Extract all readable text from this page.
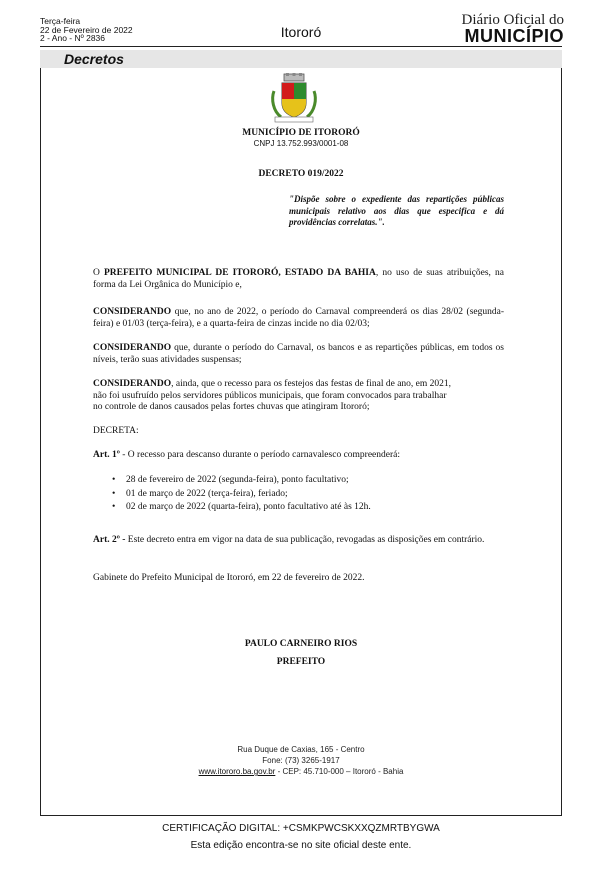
Terça-feira
22 de Fevereiro de 2022
2 - Ano - Nº 2836	Itororó
Diário Oficial do
MUNICÍPIO
Decretos
MUNICÍPIO DE ITORORÓ
CNPJ 13.752.993/0001-08
DECRETO 019/2022
"Dispõe sobre o expediente das repartições públicas municipais relativo aos dias que especifica e dá providências correlatas.".
O PREFEITO MUNICIPAL DE ITORORÓ, ESTADO DA BAHIA, no uso de suas atribuições, na forma da Lei Orgânica do Município e,
CONSIDERANDO que, no ano de 2022, o período do Carnaval compreenderá os dias 28/02 (segunda-feira) e 01/03 (terça-feira), e a quarta-feira de cinzas incide no dia 02/03;
CONSIDERANDO que, durante o período do Carnaval, os bancos e as repartições públicas, em todos os níveis, terão suas atividades suspensas;
CONSIDERANDO, ainda, que o recesso para os festejos das festas de final de ano, em 2021,
não foi usufruído pelos servidores públicos municipais, que foram convocados para trabalhar
no controle de danos causados pelas fortes chuvas que atingiram Itororó;
DECRETA:
Art. 1º - O recesso para descanso durante o período carnavalesco compreenderá:
• 28 de fevereiro de 2022 (segunda-feira), ponto facultativo;
• 01 de março de 2022 (terça-feira), feriado;
• 02 de março de 2022 (quarta-feira), ponto facultativo até às 12h.
Art. 2º - Este decreto entra em vigor na data de sua publicação, revogadas as disposições em contrário.
Gabinete do Prefeito Municipal de Itororó, em 22 de fevereiro de 2022.
PAULO CARNEIRO RIOS
PREFEITO
Rua Duque de Caxias, 165 - Centro
Fone: (73) 3265-1917
www.itororo.ba.gov.br - CEP: 45.710-000 – Itororó - Bahia
CERTIFICAÇÃO DIGITAL: +CSMKPWCSKXXQZMRTBYGWA
Esta edição encontra-se no site oficial deste ente.
